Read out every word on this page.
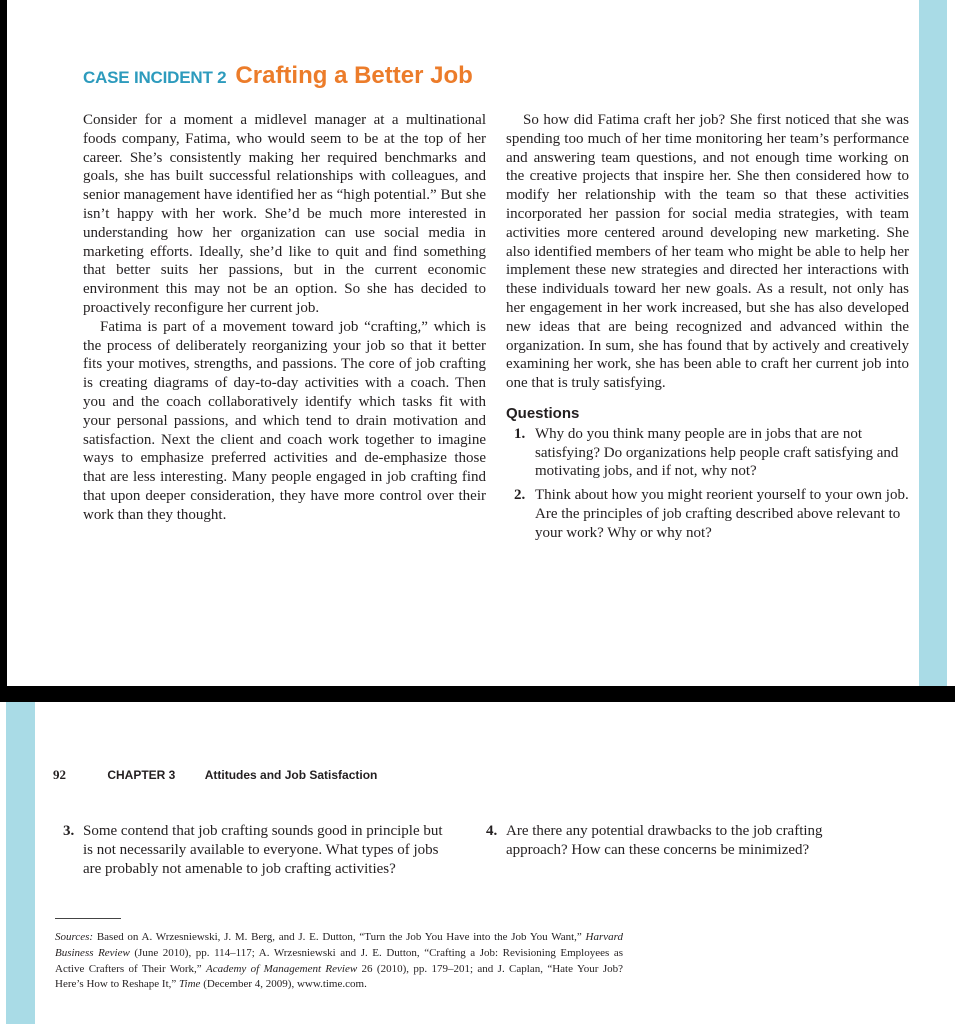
CASE INCIDENT 2 Crafting a Better Job

Consider for a moment a midlevel manager at a multinational foods company, Fatima, who would seem to be at the top of her career. She’s consistently making her required benchmarks and goals, she has built successful relationships with colleagues, and senior management have identified her as “high potential.” But she isn’t happy with her work. She’d be much more interested in understanding how her organization can use social media in marketing efforts. Ideally, she’d like to quit and find something that better suits her passions, but in the current economic environment this may not be an option. So she has decided to proactively reconfigure her current job.

Fatima is part of a movement toward job “crafting,” which is the process of deliberately reorganizing your job so that it better fits your motives, strengths, and passions. The core of job crafting is creating diagrams of day-to-day activities with a coach. Then you and the coach collaboratively identify which tasks fit with your personal passions, and which tend to drain motivation and satisfaction. Next the client and coach work together to imagine ways to emphasize preferred activities and de-emphasize those that are less interesting. Many people engaged in job crafting find that upon deeper consideration, they have more control over their work than they thought.

So how did Fatima craft her job? She first noticed that she was spending too much of her time monitoring her team’s performance and answering team questions, and not enough time working on the creative projects that inspire her. She then considered how to modify her relationship with the team so that these activities incorporated her passion for social media strategies, with team activities more centered around developing new marketing. She also identified members of her team who might be able to help her implement these new strategies and directed her interactions with these individuals toward her new goals. As a result, not only has her engagement in her work increased, but she has also developed new ideas that are being recognized and advanced within the organization. In sum, she has found that by actively and creatively examining her work, she has been able to craft her current job into one that is truly satisfying.

Questions
1. Why do you think many people are in jobs that are not satisfying? Do organizations help people craft satisfying and motivating jobs, and if not, why not?
2. Think about how you might reorient yourself to your own job. Are the principles of job crafting described above relevant to your work? Why or why not?
92	CHAPTER 3 Attitudes and Job Satisfaction
3. Some contend that job crafting sounds good in principle but is not necessarily available to everyone. What types of jobs are probably not amenable to job crafting activities?
4. Are there any potential drawbacks to the job crafting approach? How can these concerns be minimized?
Sources: Based on A. Wrzesniewski, J. M. Berg, and J. E. Dutton, “Turn the Job You Have into the Job You Want,” Harvard Business Review (June 2010), pp. 114–117; A. Wrzesniewski and J. E. Dutton, “Crafting a Job: Revisioning Employees as Active Crafters of Their Work,” Academy of Management Review 26 (2010), pp. 179–201; and J. Caplan, “Hate Your Job? Here’s How to Reshape It,” Time (December 4, 2009), www.time.com.
